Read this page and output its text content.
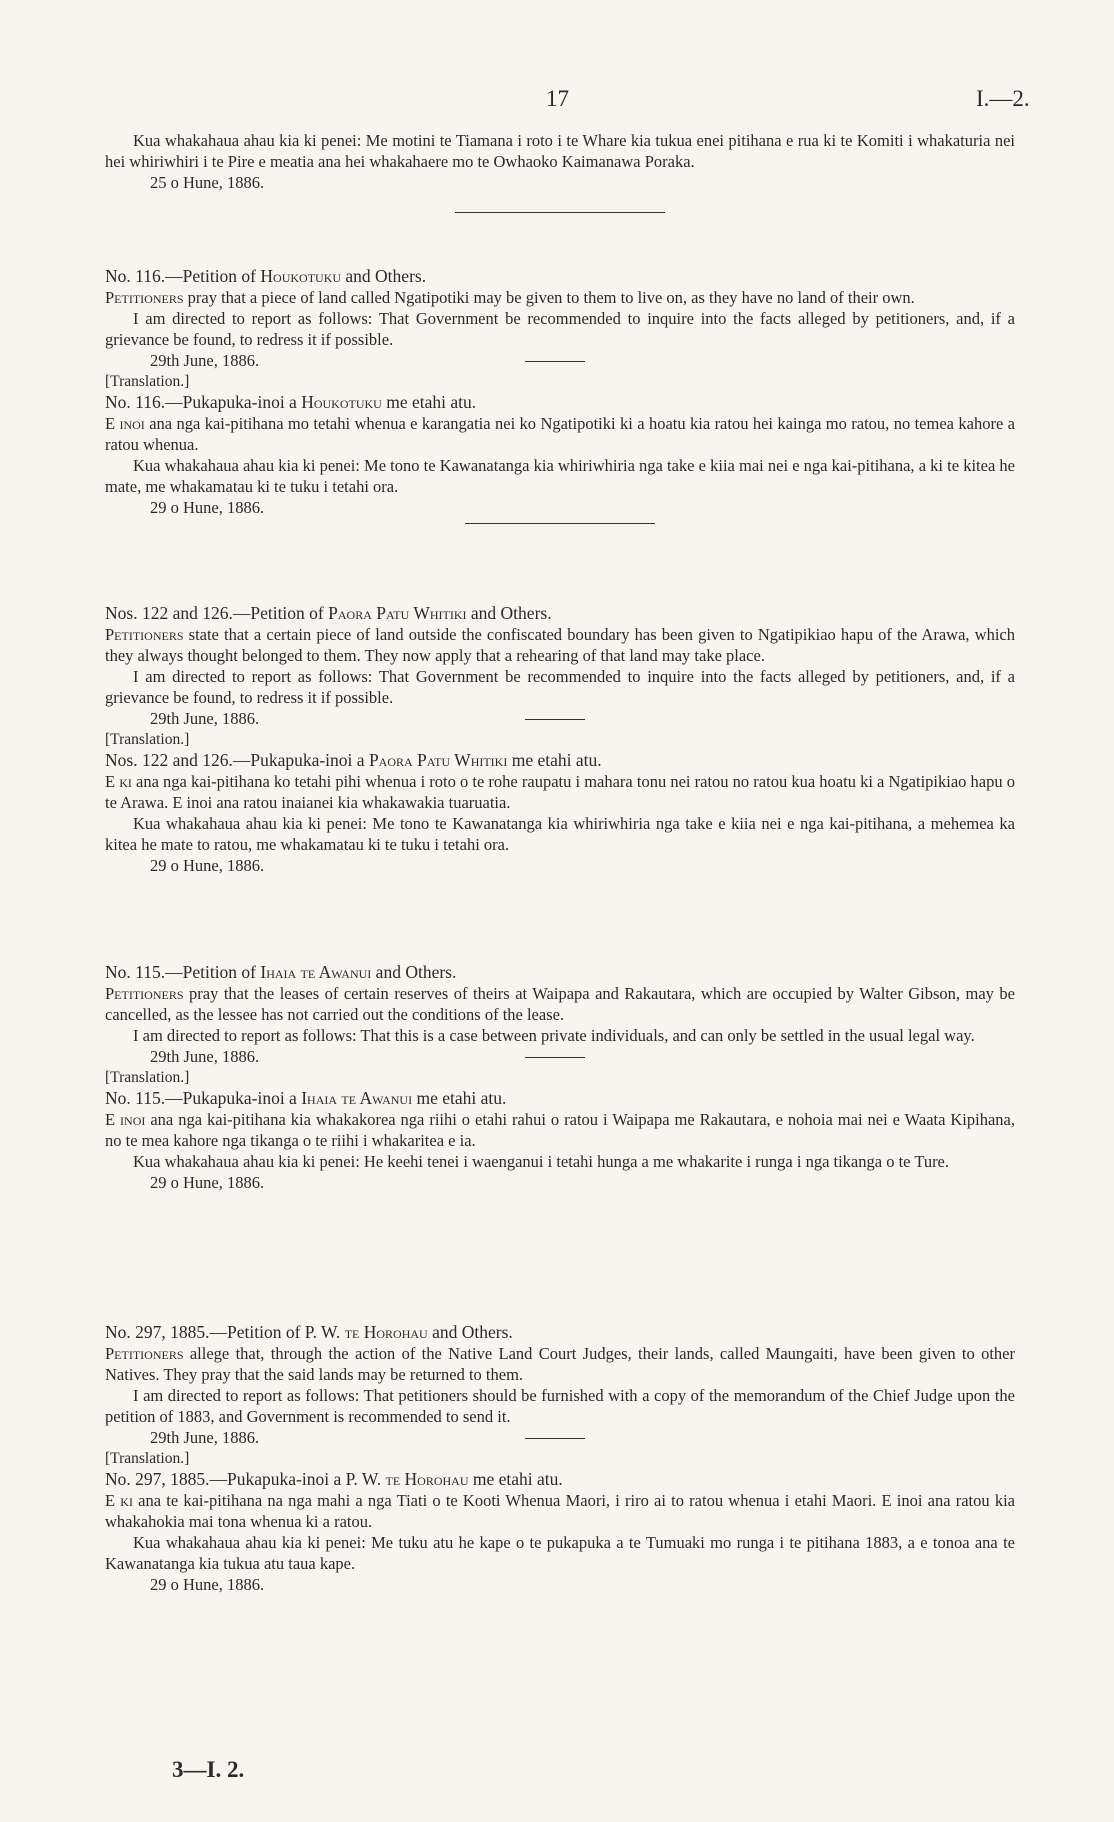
17	I.—2.

Kua whakahaua ahau kia ki penei: Me motini te Tiamana i roto i te Whare kia tukua enei pitihana e rua ki te Komiti i whakaturia nei hei whiriwhiri i te Pire e meatia ana hei whakahaere mo te Owhaoko Kaimanawa Poraka.

25 o Hune, 1886.

No. 116.—Petition of Houkotuku and Others.

Petitioners pray that a piece of land called Ngatipotiki may be given to them to live on, as they have no land of their own.

I am directed to report as follows: That Government be recommended to inquire into the facts alleged by petitioners, and, if a grievance be found, to redress it if possible.

29th June, 1886.

[Translation.]

No. 116.—Pukapuka-inoi a Houkotuku me etahi atu.

E inoi ana nga kai-pitihana mo tetahi whenua e karangatia nei ko Ngatipotiki ki a hoatu kia ratou hei kainga mo ratou, no temea kahore a ratou whenua.

Kua whakahaua ahau kia ki penei: Me tono te Kawanatanga kia whiriwhiria nga take e kiia mai nei e nga kai-pitihana, a ki te kitea he mate, me whakamatau ki te tuku i tetahi ora.

29 o Hune, 1886.

Nos. 122 and 126.—Petition of Paora Patu Whitiki and Others.

Petitioners state that a certain piece of land outside the confiscated boundary has been given to Ngatipikiao hapu of the Arawa, which they always thought belonged to them. They now apply that a rehearing of that land may take place.

I am directed to report as follows: That Government be recommended to inquire into the facts alleged by petitioners, and, if a grievance be found, to redress it if possible.

29th June, 1886.

[Translation.]

Nos. 122 and 126.—Pukapuka-inoi a Paora Patu Whitiki me etahi atu.

E ki ana nga kai-pitihana ko tetahi pihi whenua i roto o te rohe raupatu i mahara tonu nei ratou no ratou kua hoatu ki a Ngatipikiao hapu o te Arawa. E inoi ana ratou inaianei kia whakawakia tuaruatia.

Kua whakahaua ahau kia ki penei: Me tono te Kawanatanga kia whiriwhiria nga take e kiia nei e nga kai-pitihana, a mehemea ka kitea he mate to ratou, me whakamatau ki te tuku i tetahi ora.

29 o Hune, 1886.

No. 115.—Petition of Ihaia te Awanui and Others.

Petitioners pray that the leases of certain reserves of theirs at Waipapa and Rakautara, which are occupied by Walter Gibson, may be cancelled, as the lessee has not carried out the conditions of the lease.

I am directed to report as follows: That this is a case between private individuals, and can only be settled in the usual legal way.

29th June, 1886.

[Translation.]

No. 115.—Pukapuka-inoi a Ihaia te Awanui me etahi atu.

E inoi ana nga kai-pitihana kia whakakorea nga riihi o etahi rahui o ratou i Waipapa me Rakautara, e nohoia mai nei e Waata Kipihana, no te mea kahore nga tikanga o te riihi i whakaritea e ia.

Kua whakahaua ahau kia ki penei: He keehi tenei i waenganui i tetahi hunga a me whakarite i runga i nga tikanga o te Ture.

29 o Hune, 1886.

No. 297, 1885.—Petition of P. W. te Horohau and Others.

Petitioners allege that, through the action of the Native Land Court Judges, their lands, called Maungaiti, have been given to other Natives. They pray that the said lands may be returned to them.

I am directed to report as follows: That petitioners should be furnished with a copy of the memorandum of the Chief Judge upon the petition of 1883, and Government is recommended to send it.

29th June, 1886.

[Translation.]

No. 297, 1885.—Pukapuka-inoi a P. W. te Horohau me etahi atu.

E ki ana te kai-pitihana na nga mahi a nga Tiati o te Kooti Whenua Maori, i riro ai to ratou whenua i etahi Maori. E inoi ana ratou kia whakahokia mai tona whenua ki a ratou.

Kua whakahaua ahau kia ki penei: Me tuku atu he kape o te pukapuka a te Tumuaki mo runga i te pitihana 1883, a e tonoa ana te Kawanatanga kia tukua atu taua kape.

29 o Hune, 1886.

3—I. 2.
